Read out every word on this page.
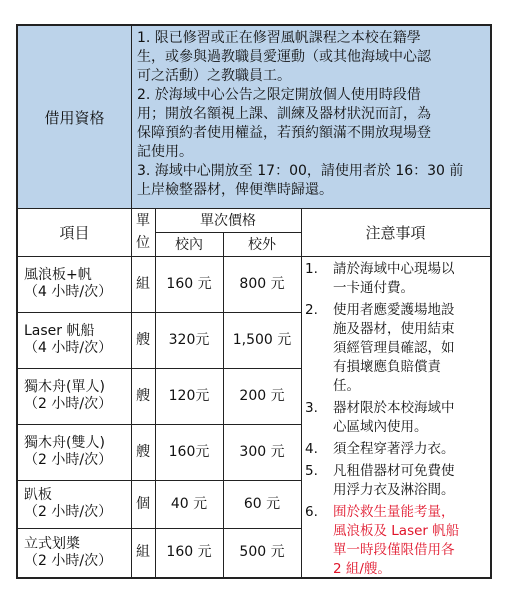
借用資格
1. 限已修習或正在修習風帆課程之本校在籍學
生，或參與過教職員愛運動（或其他海域中心認
可之活動）之教職員工。
2. 於海域中心公告之限定開放個人使用時段借
用；開放名額視上課、訓練及器材狀況而訂，為
保障預約者使用權益，若預約額滿不開放現場登
記使用。
3. 海域中心開放至 17：00，請使用者於 16：30 前
上岸檢整器材，俾便準時歸還。
項目
單
位
單次價格
校內	校外
注意事項
風浪板+帆
（4 小時/次）
組	160 元	800 元
Laser 帆船
（4 小時/次）
艘	320元	1,500 元
獨木舟(單人)
（2 小時/次）
艘	120元	200 元
獨木舟(雙人)
（2 小時/次）
艘	160元	300 元
趴板
（2 小時/次）
個	40 元	60 元
立式划槳
（2 小時/次）
組	160 元	500 元
1.	請於海域中心現場以
一卡通付費。
2.	使用者應愛護場地設
施及器材，使用結束
須經管理員確認，如
有損壞應負賠償責
任。
3.	器材限於本校海域中
心區域內使用。
4.	須全程穿著浮力衣。
5.	凡租借器材可免費使
用浮力衣及淋浴間。
6.	囿於救生量能考量，
風浪板及 Laser 帆船
單一時段僅限借用各
2 組/艘。
